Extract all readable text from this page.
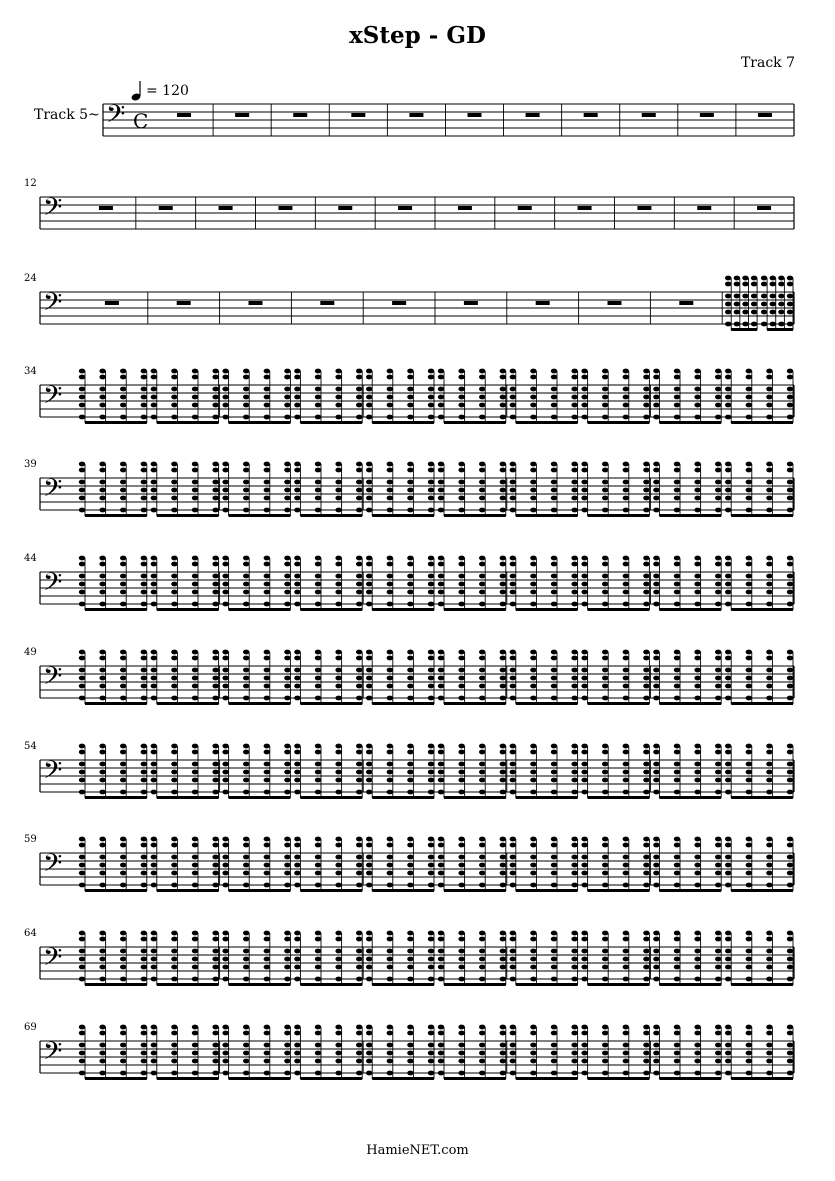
xStep - GD
Track 7
= 120
Track 5~ 𝄢 C
𝄢
𝄢
𝄢
𝄢
𝄢
𝄢
𝄢
𝄢
𝄢
𝄢
12
24
34
39
44
49
54
59
64
69
HamieNET.com
